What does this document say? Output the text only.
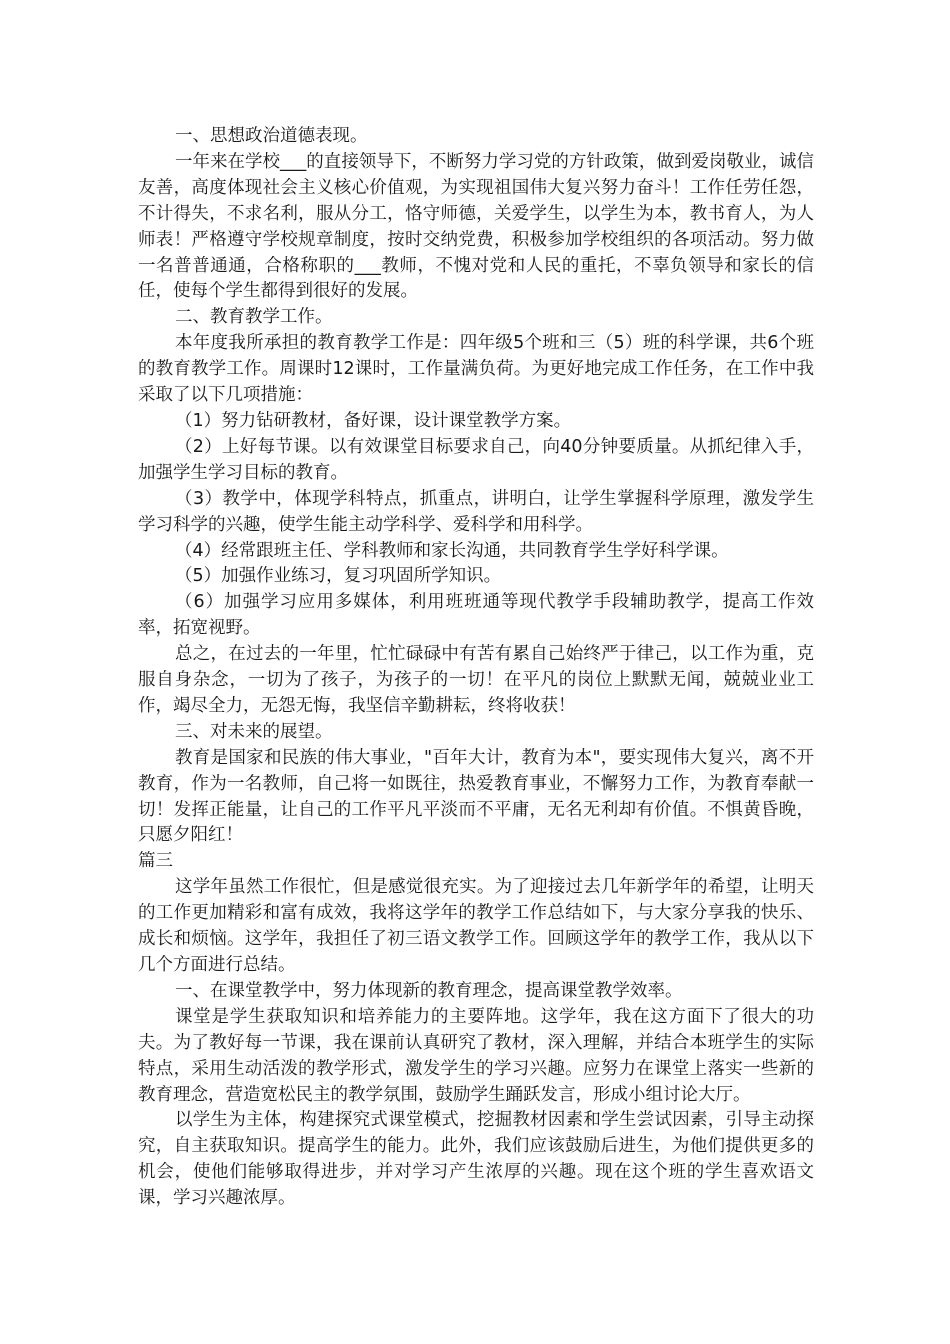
一、思想政治道德表现。

一年来在学校___的直接领导下，不断努力学习党的方针政策，做到爱岗敬业，诚信友善，高度体现社会主义核心价值观，为实现祖国伟大复兴努力奋斗！工作任劳任怨，不计得失，不求名利，服从分工，恪守师德，关爱学生，以学生为本，教书育人，为人师表！严格遵守学校规章制度，按时交纳党费，积极参加学校组织的各项活动。努力做一名普普通通，合格称职的___教师，不愧对党和人民的重托，不辜负领导和家长的信任，使每个学生都得到很好的发展。

二、教育教学工作。

本年度我所承担的教育教学工作是：四年级5个班和三（5）班的科学课，共6个班的教育教学工作。周课时12课时，工作量满负荷。为更好地完成工作任务，在工作中我采取了以下几项措施：

（1）努力钻研教材，备好课，设计课堂教学方案。

（2）上好每节课。以有效课堂目标要求自己，向40分钟要质量。从抓纪律入手，加强学生学习目标的教育。

（3）教学中，体现学科特点，抓重点，讲明白，让学生掌握科学原理，激发学生学习科学的兴趣，使学生能主动学科学、爱科学和用科学。

（4）经常跟班主任、学科教师和家长沟通，共同教育学生学好科学课。

（5）加强作业练习，复习巩固所学知识。

（6）加强学习应用多媒体，利用班班通等现代教学手段辅助教学，提高工作效率，拓宽视野。

总之，在过去的一年里，忙忙碌碌中有苦有累自己始终严于律己，以工作为重，克服自身杂念，一切为了孩子，为孩子的一切！在平凡的岗位上默默无闻，兢兢业业工作，竭尽全力，无怨无悔，我坚信辛勤耕耘，终将收获！

三、对未来的展望。

教育是国家和民族的伟大事业，"百年大计，教育为本"，要实现伟大复兴，离不开教育，作为一名教师，自己将一如既往，热爱教育事业，不懈努力工作，为教育奉献一切！发挥正能量，让自己的工作平凡平淡而不平庸，无名无利却有价值。不惧黄昏晚，只愿夕阳红！

篇三

这学年虽然工作很忙，但是感觉很充实。为了迎接过去几年新学年的希望，让明天的工作更加精彩和富有成效，我将这学年的教学工作总结如下，与大家分享我的快乐、成长和烦恼。这学年，我担任了初三语文教学工作。回顾这学年的教学工作，我从以下几个方面进行总结。

一、在课堂教学中，努力体现新的教育理念，提高课堂教学效率。

课堂是学生获取知识和培养能力的主要阵地。这学年，我在这方面下了很大的功夫。为了教好每一节课，我在课前认真研究了教材，深入理解，并结合本班学生的实际特点，采用生动活泼的教学形式，激发学生的学习兴趣。应努力在课堂上落实一些新的教育理念，营造宽松民主的教学氛围，鼓励学生踊跃发言，形成小组讨论大厅。

以学生为主体，构建探究式课堂模式，挖掘教材因素和学生尝试因素，引导主动探究，自主获取知识。提高学生的能力。此外，我们应该鼓励后进生，为他们提供更多的机会，使他们能够取得进步，并对学习产生浓厚的兴趣。现在这个班的学生喜欢语文课，学习兴趣浓厚。
